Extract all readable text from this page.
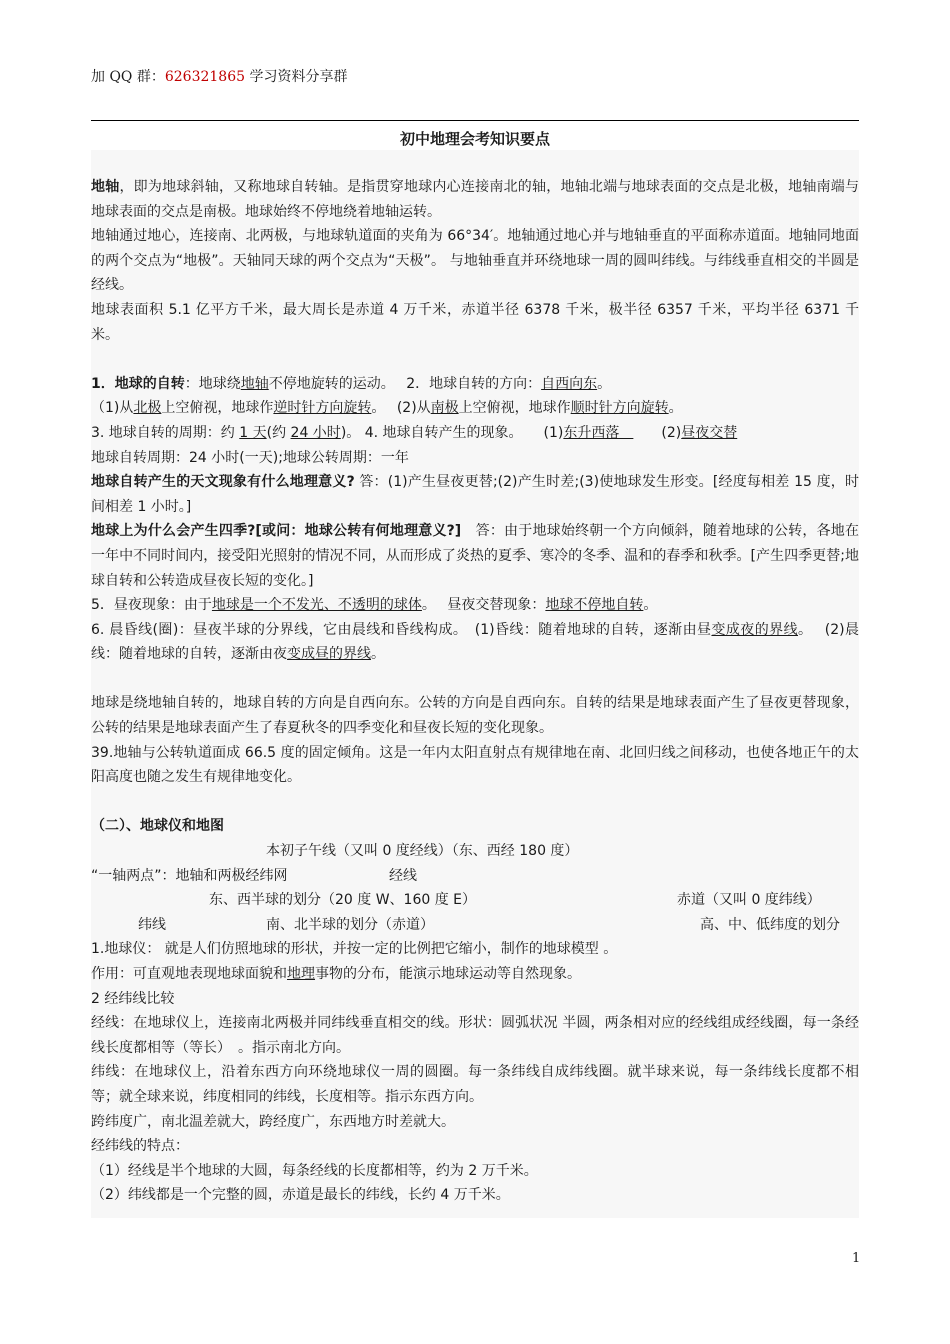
加 QQ 群：626321865 学习资料分享群
初中地理会考知识要点

地轴，即为地球斜轴，又称地球自转轴。是指贯穿地球内心连接南北的轴，地轴北端与地球表面的交点是北极，地轴南端与地球表面的交点是南极。地球始终不停地绕着地轴运转。

地轴通过地心，连接南、北两极，与地球轨道面的夹角为 66°34′。地轴通过地心并与地轴垂直的平面称赤道面。地轴同地面的两个交点为“地极”。天轴同天球的两个交点为“天极”。 与地轴垂直并环绕地球一周的圆叫纬线。与纬线垂直相交的半圆是经线。

地球表面积 5.1 亿平方千米，最大周长是赤道 4 万千米，赤道半径 6378 千米，极半径 6357 千米，平均半径 6371 千米。

1．地球的自转：地球绕地轴不停地旋转的运动。　 2．地球自转的方向：自西向东。

（1)从北极上空俯视，地球作逆时针方向旋转。　 (2)从南极上空俯视，地球作顺时针方向旋转。

3. 地球自转的周期：约 1 天(约 24 小时)。 4. 地球自转产生的现象。　　(1)东升西落　　　(2)昼夜交替

地球自转周期：24 小时(一天);地球公转周期：一年

地球自转产生的天文现象有什么地理意义? 答：(1)产生昼夜更替;(2)产生时差;(3)使地球发生形变。[经度每相差 15 度，时间相差 1 小时。]

地球上为什么会产生四季?[或问：地球公转有何地理意义?]　答：由于地球始终朝一个方向倾斜，随着地球的公转，各地在一年中不同时间内，接受阳光照射的情况不同，从而形成了炎热的夏季、寒冷的冬季、温和的春季和秋季。[产生四季更替;地球自转和公转造成昼夜长短的变化。]

5．昼夜现象：由于地球是一个不发光、不透明的球体。　 昼夜交替现象：地球不停地自转。

6. 晨昏线(圈)：昼夜半球的分界线，它由晨线和昏线构成。　(1)昏线：随着地球的自转，逐渐由昼变成夜的界线。　 (2)晨线：随着地球的自转，逐渐由夜变成昼的界线。

地球是绕地轴自转的，地球自转的方向是自西向东。公转的方向是自西向东。自转的结果是地球表面产生了昼夜更替现象，公转的结果是地球表面产生了春夏秋冬的四季变化和昼夜长短的变化现象。

39.地轴与公转轨道面成 66.5 度的固定倾角。这是一年内太阳直射点有规律地在南、北回归线之间移动，也使各地正午的太阳高度也随之发生有规律地变化。

（二）、地球仪和地图

本初子午线（又叫 0 度经线）（东、西经 180 度）
“一轴两点”：地轴和两极经纬网	经线
东、西半球的划分（20 度 W、160 度 E）	赤道（又叫 0 度纬线）
纬线	南、北半球的划分（赤道）	高、中、低纬度的划分

1.地球仪： 就是人们仿照地球的形状，并按一定的比例把它缩小，制作的地球模型 。

作用：可直观地表现地球面貌和地理事物的分布，能演示地球运动等自然现象。

2 经纬线比较

经线：在地球仪上，连接南北两极并同纬线垂直相交的线。形状：圆弧状况 半圆，两条相对应的经线组成经线圈，每一条经线长度都相等（等长）　。指示南北方向。

纬线：在地球仪上，沿着东西方向环绕地球仪一周的圆圈。每一条纬线自成纬线圈。就半球来说，每一条纬线长度都不相等；就全球来说，纬度相同的纬线，长度相等。指示东西方向。

跨纬度广，南北温差就大，跨经度广，东西地方时差就大。

经纬线的特点：

（1）经线是半个地球的大圆，每条经线的长度都相等，约为 2 万千米。

（2）纬线都是一个完整的圆，赤道是最长的纬线，长约 4 万千米。

1
